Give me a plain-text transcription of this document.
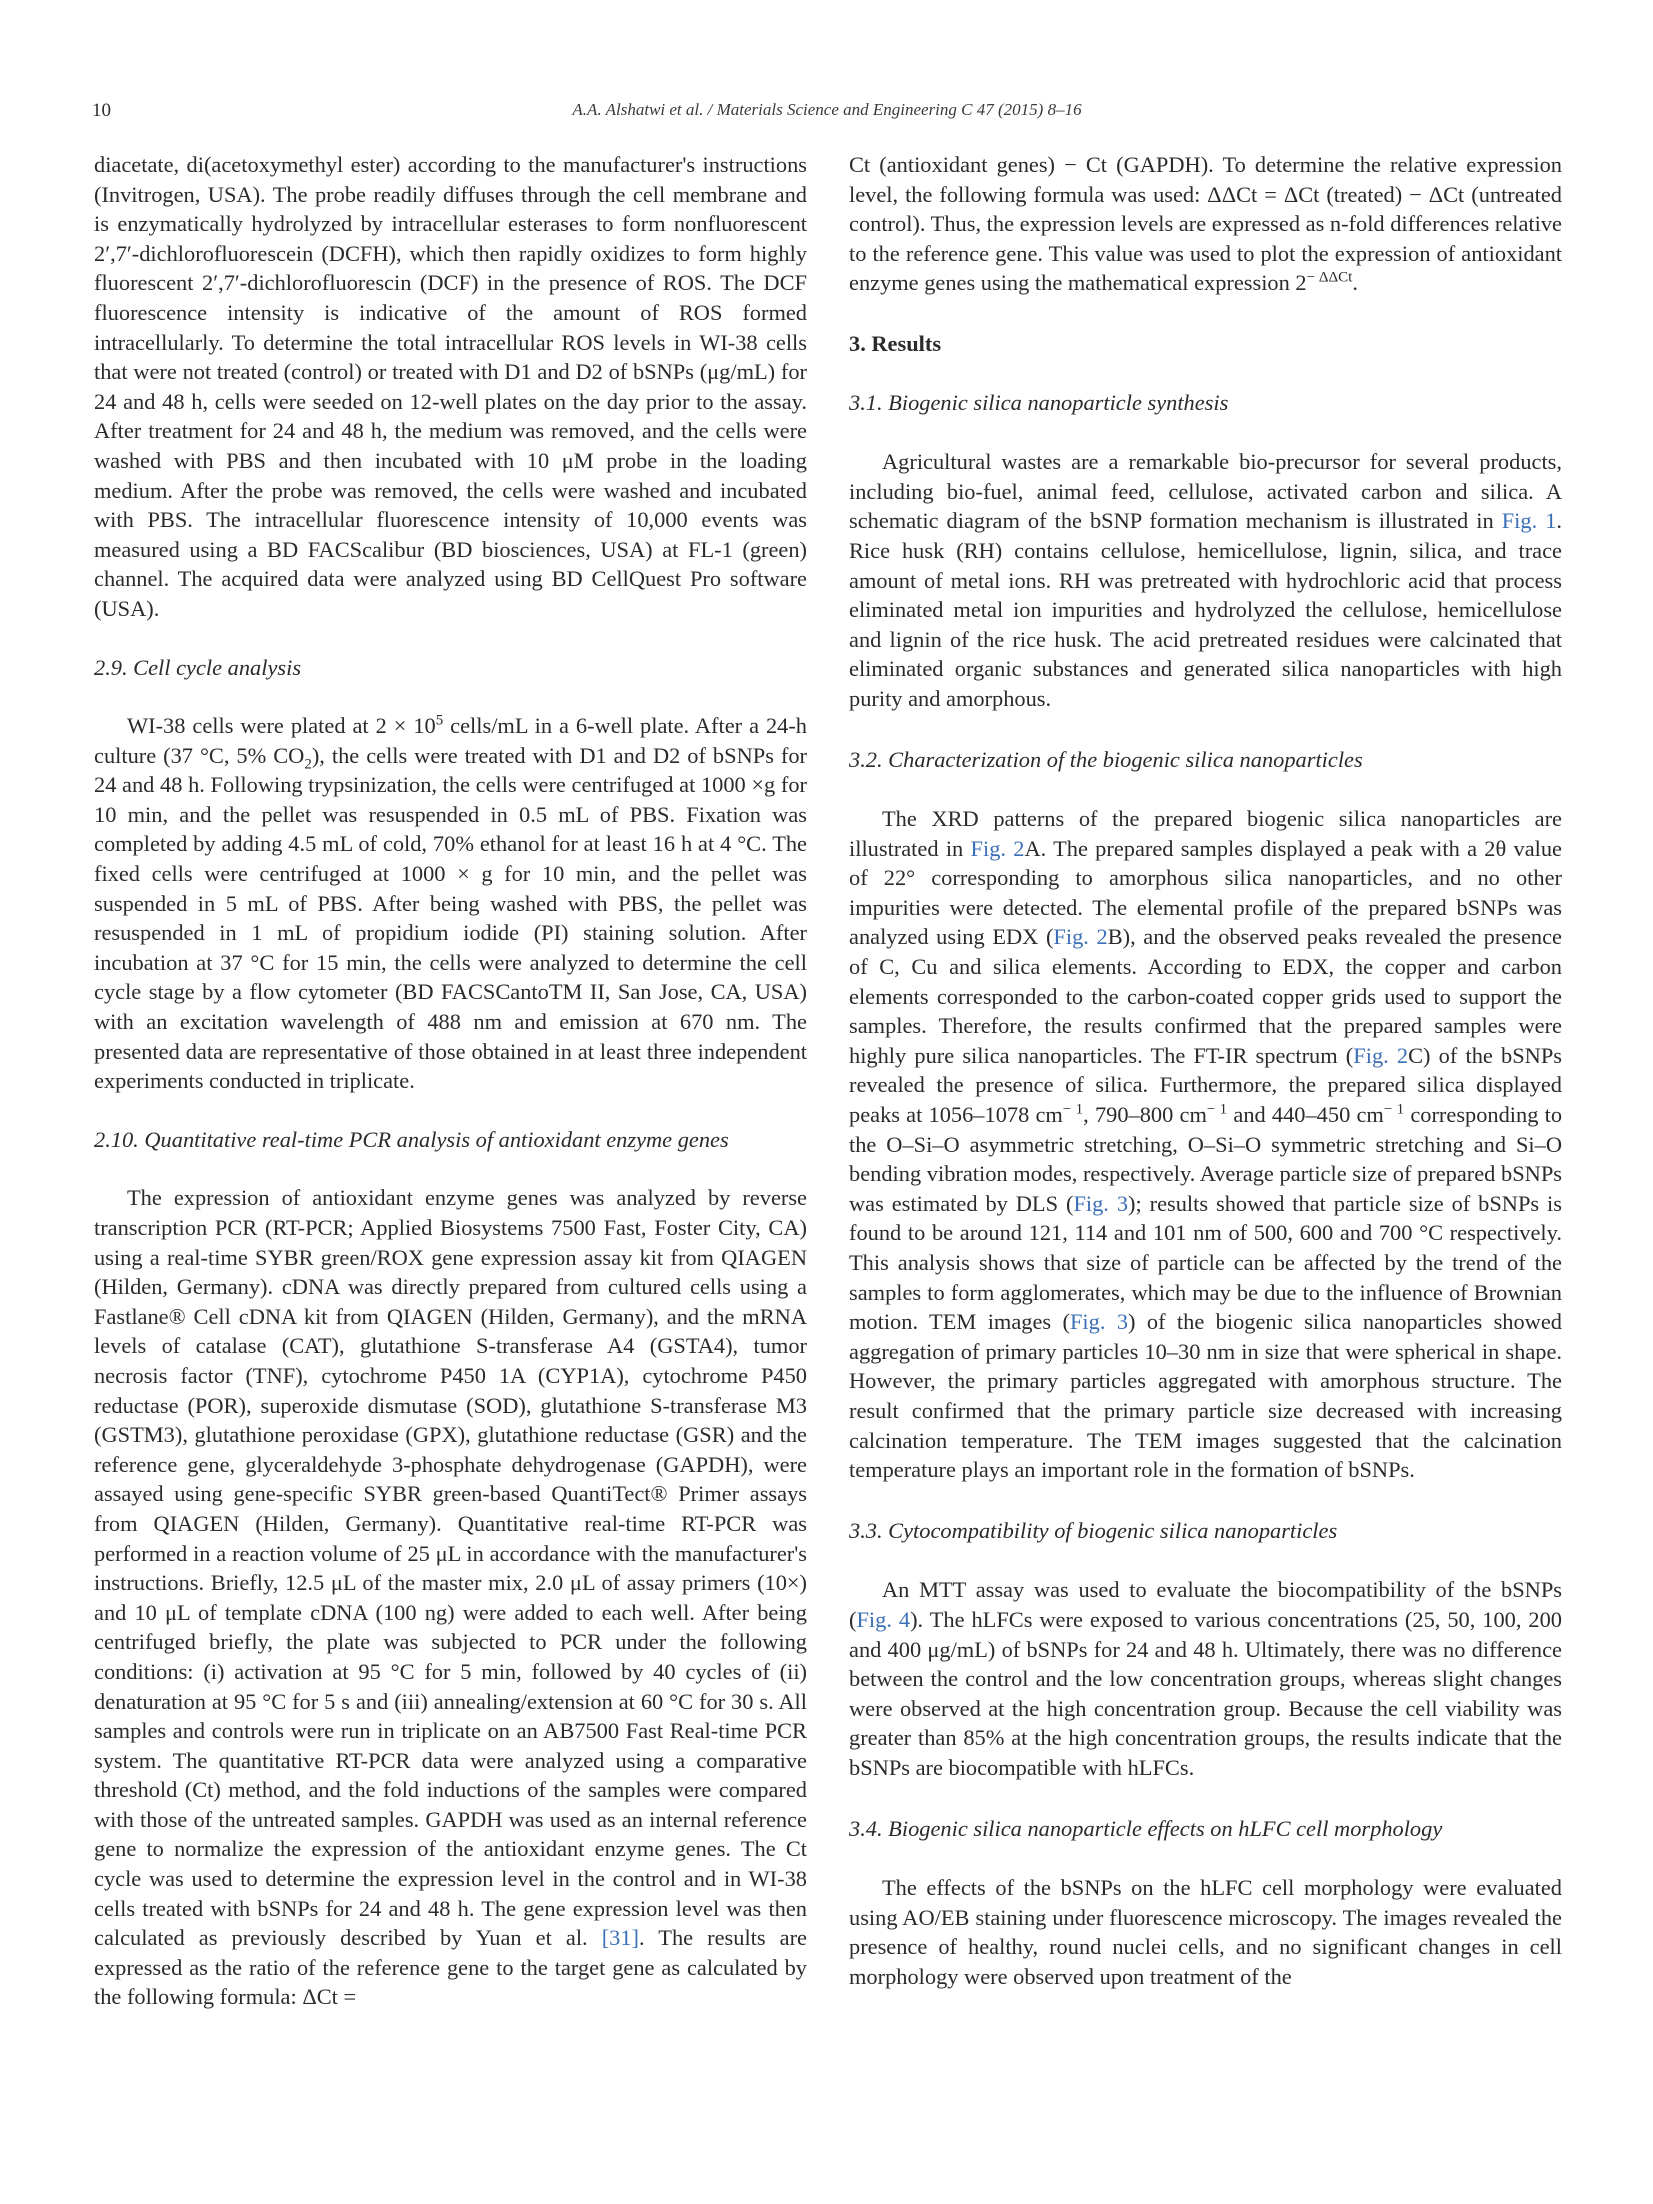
10	A.A. Alshatwi et al. / Materials Science and Engineering C 47 (2015) 8–16

diacetate, di(acetoxymethyl ester) according to the manufacturer's instructions (Invitrogen, USA). The probe readily diffuses through the cell membrane and is enzymatically hydrolyzed by intracellular esterases to form nonfluorescent 2′,7′-dichlorofluorescein (DCFH), which then rapidly oxidizes to form highly fluorescent 2′,7′-dichlorofluorescin (DCF) in the presence of ROS. The DCF fluorescence intensity is indicative of the amount of ROS formed intracellularly. To determine the total intracellular ROS levels in WI-38 cells that were not treated (control) or treated with D1 and D2 of bSNPs (μg/mL) for 24 and 48 h, cells were seeded on 12-well plates on the day prior to the assay. After treatment for 24 and 48 h, the medium was removed, and the cells were washed with PBS and then incubated with 10 μM probe in the loading medium. After the probe was removed, the cells were washed and incubated with PBS. The intracellular fluorescence intensity of 10,000 events was measured using a BD FACScalibur (BD biosciences, USA) at FL-1 (green) channel. The acquired data were analyzed using BD CellQuest Pro software (USA).

2.9. Cell cycle analysis

WI-38 cells were plated at $2 \times 10^5$ cells/mL in a 6-well plate. After a 24-h culture (37 °C, 5% $CO_2$), the cells were treated with D1 and D2 of bSNPs for 24 and 48 h. Following trypsinization, the cells were centrifuged at 1000 ×g for 10 min, and the pellet was resuspended in 0.5 mL of PBS. Fixation was completed by adding 4.5 mL of cold, 70% ethanol for at least 16 h at 4 °C. The fixed cells were centrifuged at 1000 × g for 10 min, and the pellet was suspended in 5 mL of PBS. After being washed with PBS, the pellet was resuspended in 1 mL of propidium iodide (PI) staining solution. After incubation at 37 °C for 15 min, the cells were analyzed to determine the cell cycle stage by a flow cytometer (BD FACSCantoTM II, San Jose, CA, USA) with an excitation wavelength of 488 nm and emission at 670 nm. The presented data are representative of those obtained in at least three independent experiments conducted in triplicate.

2.10. Quantitative real-time PCR analysis of antioxidant enzyme genes

The expression of antioxidant enzyme genes was analyzed by reverse transcription PCR (RT-PCR; Applied Biosystems 7500 Fast, Foster City, CA) using a real-time SYBR green/ROX gene expression assay kit from QIAGEN (Hilden, Germany). cDNA was directly prepared from cultured cells using a Fastlane® Cell cDNA kit from QIAGEN (Hilden, Germany), and the mRNA levels of catalase (CAT), glutathione S-transferase A4 (GSTA4), tumor necrosis factor (TNF), cytochrome P450 1A (CYP1A), cytochrome P450 reductase (POR), superoxide dismutase (SOD), glutathione S-transferase M3 (GSTM3), glutathione peroxidase (GPX), glutathione reductase (GSR) and the reference gene, glyceraldehyde 3-phosphate dehydrogenase (GAPDH), were assayed using gene-specific SYBR green-based QuantiTect® Primer assays from QIAGEN (Hilden, Germany). Quantitative real-time RT-PCR was performed in a reaction volume of 25 μL in accordance with the manufacturer's instructions. Briefly, 12.5 μL of the master mix, 2.0 μL of assay primers (10×) and 10 μL of template cDNA (100 ng) were added to each well. After being centrifuged briefly, the plate was subjected to PCR under the following conditions: (i) activation at 95 °C for 5 min, followed by 40 cycles of (ii) denaturation at 95 °C for 5 s and (iii) annealing/extension at 60 °C for 30 s. All samples and controls were run in triplicate on an AB7500 Fast Real-time PCR system. The quantitative RT-PCR data were analyzed using a comparative threshold (Ct) method, and the fold inductions of the samples were compared with those of the untreated samples. GAPDH was used as an internal reference gene to normalize the expression of the antioxidant enzyme genes. The Ct cycle was used to determine the expression level in the control and in WI-38 cells treated with bSNPs for 24 and 48 h. The gene expression level was then calculated as previously described by Yuan et al. [31]. The results are expressed as the ratio of the reference gene to the target gene as calculated by the following formula: ΔCt =

Ct (antioxidant genes) − Ct (GAPDH). To determine the relative expression level, the following formula was used: ΔΔCt = ΔCt (treated) − ΔCt (untreated control). Thus, the expression levels are expressed as n-fold differences relative to the reference gene. This value was used to plot the expression of antioxidant enzyme genes using the mathematical expression $2^{- \Delta\Delta Ct}$.

3. Results
3.1. Biogenic silica nanoparticle synthesis

Agricultural wastes are a remarkable bio-precursor for several products, including bio-fuel, animal feed, cellulose, activated carbon and silica. A schematic diagram of the bSNP formation mechanism is illustrated in Fig. 1. Rice husk (RH) contains cellulose, hemicellulose, lignin, silica, and trace amount of metal ions. RH was pretreated with hydrochloric acid that process eliminated metal ion impurities and hydrolyzed the cellulose, hemicellulose and lignin of the rice husk. The acid pretreated residues were calcinated that eliminated organic substances and generated silica nanoparticles with high purity and amorphous.

3.2. Characterization of the biogenic silica nanoparticles

The XRD patterns of the prepared biogenic silica nanoparticles are illustrated in Fig. 2A. The prepared samples displayed a peak with a 2θ value of 22° corresponding to amorphous silica nanoparticles, and no other impurities were detected. The elemental profile of the prepared bSNPs was analyzed using EDX (Fig. 2B), and the observed peaks revealed the presence of C, Cu and silica elements. According to EDX, the copper and carbon elements corresponded to the carbon-coated copper grids used to support the samples. Therefore, the results confirmed that the prepared samples were highly pure silica nanoparticles. The FT-IR spectrum (Fig. 2C) of the bSNPs revealed the presence of silica. Furthermore, the prepared silica displayed peaks at 1056–1078 $cm^{- 1}$, 790–800 $cm^{- 1}$ and 440–450 $cm^{- 1}$ corresponding to the O–Si–O asymmetric stretching, O–Si–O symmetric stretching and Si–O bending vibration modes, respectively. Average particle size of prepared bSNPs was estimated by DLS (Fig. 3); results showed that particle size of bSNPs is found to be around 121, 114 and 101 nm of 500, 600 and 700 °C respectively. This analysis shows that size of particle can be affected by the trend of the samples to form agglomerates, which may be due to the influence of Brownian motion. TEM images (Fig. 3) of the biogenic silica nanoparticles showed aggregation of primary particles 10–30 nm in size that were spherical in shape. However, the primary particles aggregated with amorphous structure. The result confirmed that the primary particle size decreased with increasing calcination temperature. The TEM images suggested that the calcination temperature plays an important role in the formation of bSNPs.

3.3. Cytocompatibility of biogenic silica nanoparticles

An MTT assay was used to evaluate the biocompatibility of the bSNPs (Fig. 4). The hLFCs were exposed to various concentrations (25, 50, 100, 200 and 400 μg/mL) of bSNPs for 24 and 48 h. Ultimately, there was no difference between the control and the low concentration groups, whereas slight changes were observed at the high concentration group. Because the cell viability was greater than 85% at the high concentration groups, the results indicate that the bSNPs are biocompatible with hLFCs.

3.4. Biogenic silica nanoparticle effects on hLFC cell morphology

The effects of the bSNPs on the hLFC cell morphology were evaluated using AO/EB staining under fluorescence microscopy. The images revealed the presence of healthy, round nuclei cells, and no significant changes in cell morphology were observed upon treatment of the
